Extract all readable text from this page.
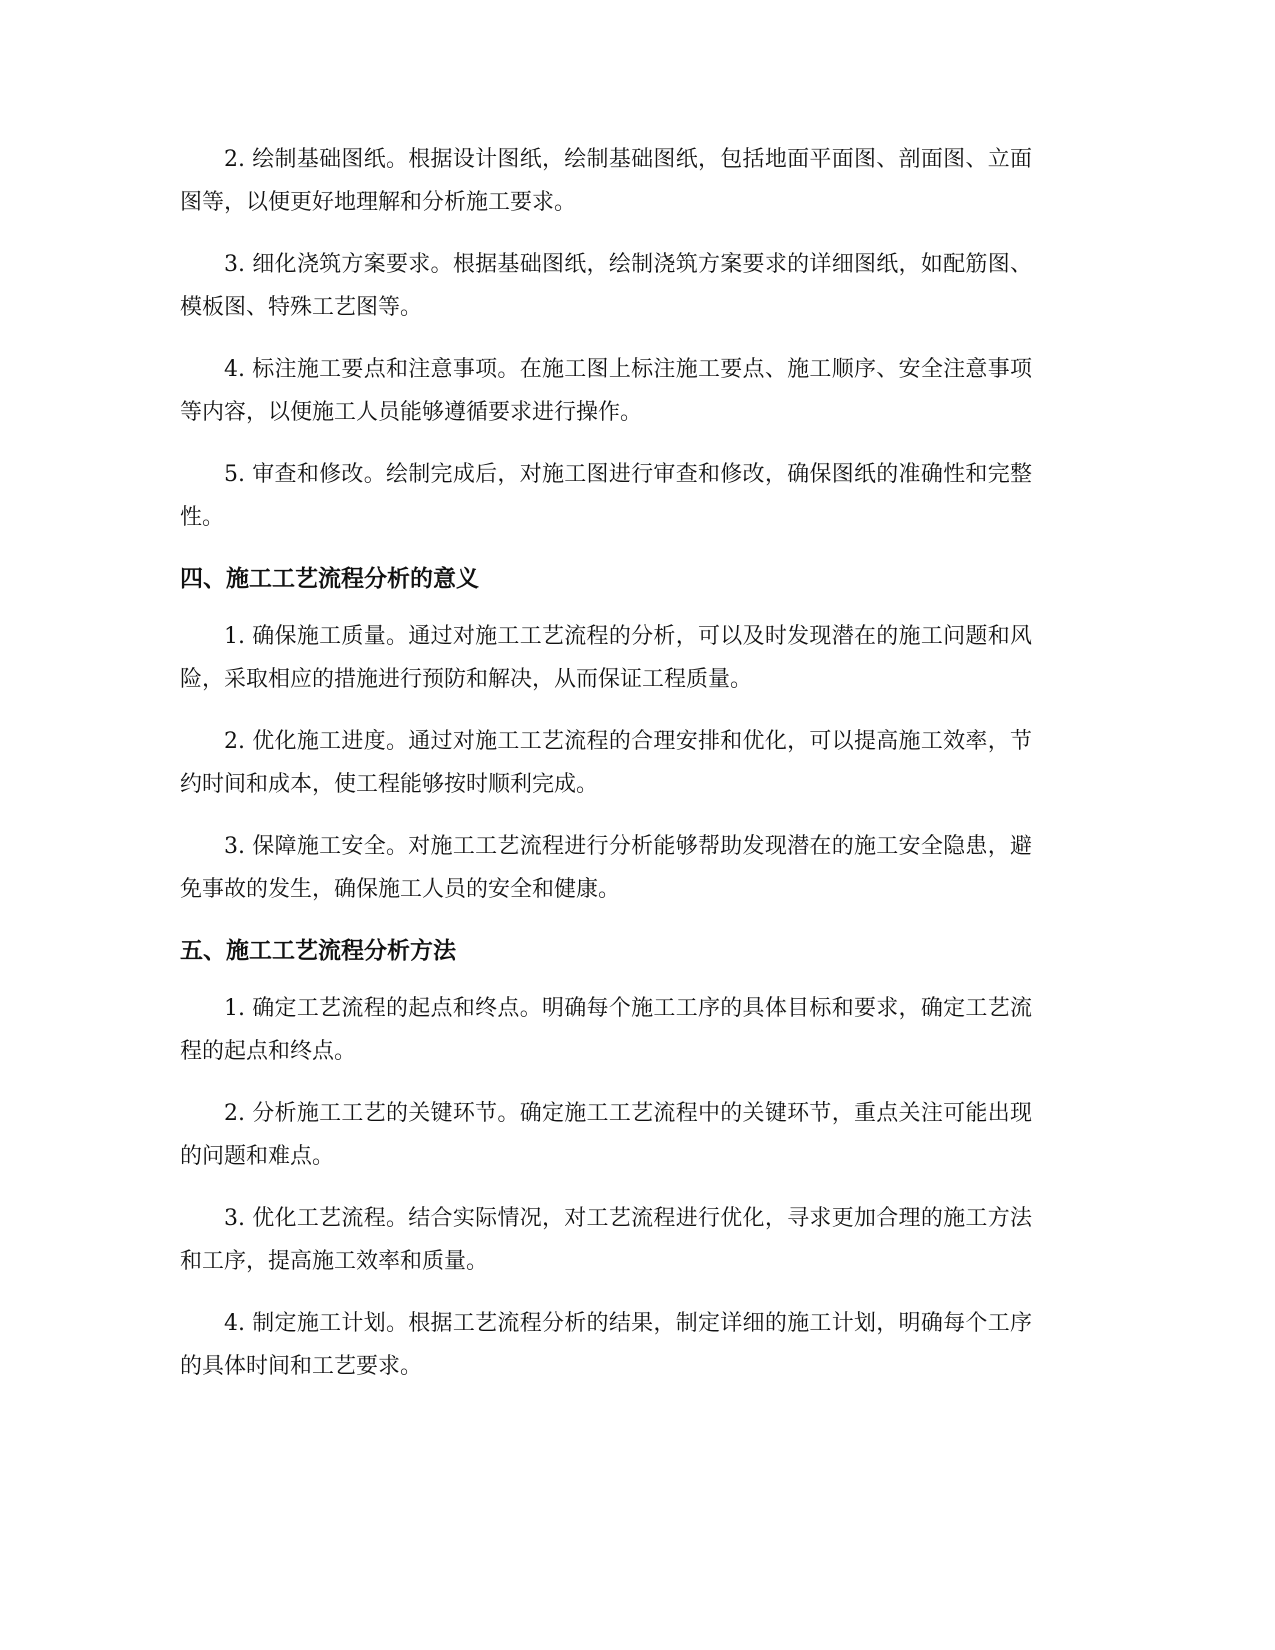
2. 绘制基础图纸。根据设计图纸，绘制基础图纸，包括地面平面图、剖面图、立面图等，以便更好地理解和分析施工要求。

3. 细化浇筑方案要求。根据基础图纸，绘制浇筑方案要求的详细图纸，如配筋图、模板图、特殊工艺图等。

4. 标注施工要点和注意事项。在施工图上标注施工要点、施工顺序、安全注意事项等内容，以便施工人员能够遵循要求进行操作。

5. 审查和修改。绘制完成后，对施工图进行审查和修改，确保图纸的准确性和完整性。

四、施工工艺流程分析的意义

1. 确保施工质量。通过对施工工艺流程的分析，可以及时发现潜在的施工问题和风险，采取相应的措施进行预防和解决，从而保证工程质量。

2. 优化施工进度。通过对施工工艺流程的合理安排和优化，可以提高施工效率，节约时间和成本，使工程能够按时顺利完成。

3. 保障施工安全。对施工工艺流程进行分析能够帮助发现潜在的施工安全隐患，避免事故的发生，确保施工人员的安全和健康。

五、施工工艺流程分析方法

1. 确定工艺流程的起点和终点。明确每个施工工序的具体目标和要求，确定工艺流程的起点和终点。

2. 分析施工工艺的关键环节。确定施工工艺流程中的关键环节，重点关注可能出现的问题和难点。

3. 优化工艺流程。结合实际情况，对工艺流程进行优化，寻求更加合理的施工方法和工序，提高施工效率和质量。

4. 制定施工计划。根据工艺流程分析的结果，制定详细的施工计划，明确每个工序的具体时间和工艺要求。
